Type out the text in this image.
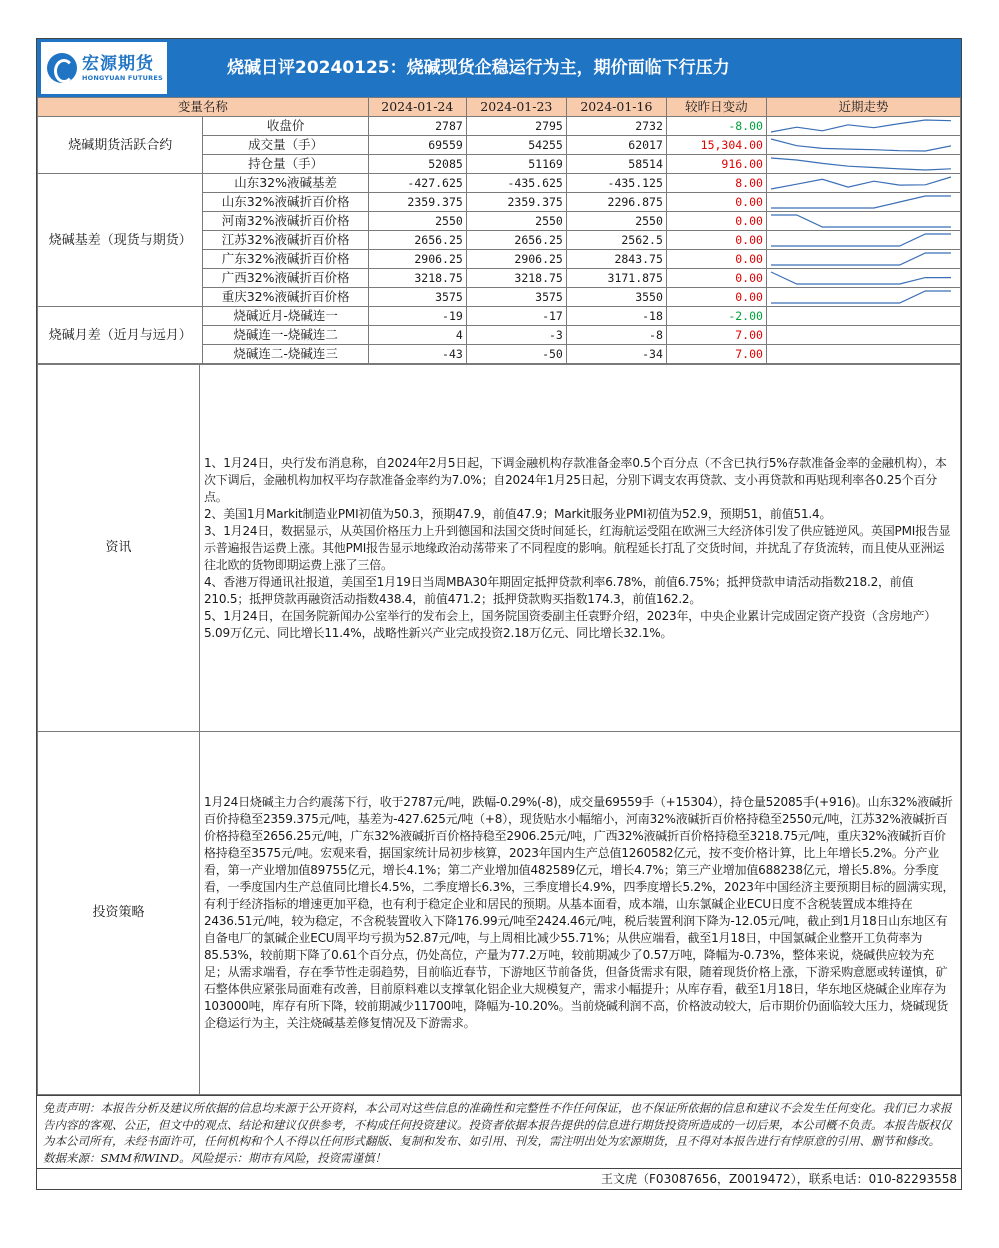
宏源期货
HONGYUAN FUTURES	烧碱日评20240125：烧碱现货企稳运行为主，期价面临下行压力
变量名称		2024-01-24	2024-01-23	2024-01-16	较昨日变动	近期走势
烧碱期货活跃合约	收盘价	2787	2795	2732	-8.00	

	成交量（手）	69559	54255	62017	15,304.00	

	持仓量（手）	52085	51169	58514	916.00	

烧碱基差（现货与期货）	山东32%液碱基差	-427.625	-435.625	-435.125	8.00	

	山东32%液碱折百价格	2359.375	2359.375	2296.875	0.00	

	河南32%液碱折百价格	2550	2550	2550	0.00	

	江苏32%液碱折百价格	2656.25	2656.25	2562.5	0.00	

	广东32%液碱折百价格	2906.25	2906.25	2843.75	0.00	

	广西32%液碱折百价格	3218.75	3218.75	3171.875	0.00	

	重庆32%液碱折百价格	3575	3575	3550	0.00	

烧碱月差（近月与远月）	烧碱近月-烧碱连一	-19	-17	-18	-2.00	
	烧碱连一-烧碱连二	4	-3	-8	7.00	
	烧碱连二-烧碱连三	-43	-50	-34	7.00	
资讯	1、1月24日，央行发布消息称，自2024年2月5日起，下调金融机构存款准备金率0.5个百分点（不含已执行5%存款准备金率的金融机构），本次下调后，金融机构加权平均存款准备金率约为7.0%；自2024年1月25日起，分别下调支农再贷款、支小再贷款和再贴现利率各0.25个百分点。
2、美国1月Markit制造业PMI初值为50.3，预期47.9，前值47.9；Markit服务业PMI初值为52.9，预期51，前值51.4。
3、1月24日，数据显示，从英国价格压力上升到德国和法国交货时间延长，红海航运受阻在欧洲三大经济体引发了供应链逆风。英国PMI报告显示普遍报告运费上涨。其他PMI报告显示地缘政治动荡带来了不同程度的影响。航程延长打乱了交货时间，并扰乱了存货流转，而且使从亚洲运往北欧的货物即期运费上涨了三倍。
4、香港万得通讯社报道，美国至1月19日当周MBA30年期固定抵押贷款利率6.78%，前值6.75%；抵押贷款申请活动指数218.2，前值210.5；抵押贷款再融资活动指数438.4，前值471.2；抵押贷款购买指数174.3，前值162.2。
5、1月24日，在国务院新闻办公室举行的发布会上，国务院国资委副主任袁野介绍，2023年，中央企业累计完成固定资产投资（含房地产）5.09万亿元、同比增长11.4%，战略性新兴产业完成投资2.18万亿元、同比增长32.1%。

投资策略	1月24日烧碱主力合约震荡下行，收于2787元/吨，跌幅-0.29%(-8)，成交量69559手（+15304），持仓量52085手(+916)。山东32%液碱折百价持稳至2359.375元/吨，基差为-427.625元/吨（+8），现货贴水小幅缩小，河南32%液碱折百价格持稳至2550元/吨，江苏32%液碱折百价格持稳至2656.25元/吨，广东32%液碱折百价格持稳至2906.25元/吨，广西32%液碱折百价格持稳至3218.75元/吨，重庆32%液碱折百价格持稳至3575元/吨。宏观来看，据国家统计局初步核算，2023年国内生产总值1260582亿元，按不变价格计算，比上年增长5.2%。分产业看，第一产业增加值89755亿元，增长4.1%；第二产业增加值482589亿元，增长4.7%；第三产业增加值688238亿元，增长5.8%。分季度看，一季度国内生产总值同比增长4.5%，二季度增长6.3%，三季度增长4.9%，四季度增长5.2%，2023年中国经济主要预期目标的圆满实现，有利于经济指标的增速更加平稳，也有利于稳定企业和居民的预期。从基本面看，成本端，山东氯碱企业ECU日度不含税装置成本维持在2436.51元/吨，较为稳定，不含税装置收入下降176.99元/吨至2424.46元/吨，税后装置利润下降为-12.05元/吨，截止到1月18日山东地区有自备电厂的氯碱企业ECU周平均亏损为52.87元/吨，与上周相比减少55.71%；从供应端看，截至1月18日，中国氯碱企业整开工负荷率为85.53%，较前期下降了0.61个百分点，仍处高位，产量为77.2万吨，较前期减少了0.57万吨，降幅为-0.73%，整体来说，烧碱供应较为充足；从需求端看，存在季节性走弱趋势，目前临近春节，下游地区节前备货，但备货需求有限，随着现货价格上涨，下游采购意愿或转谨慎，矿石整体供应紧张局面难有改善，目前原料难以支撑氧化铝企业大规模复产，需求小幅提升；从库存看，截至1月18日，华东地区烧碱企业库存为103000吨，库存有所下降，较前期减少11700吨，降幅为-10.20%。当前烧碱利润不高，价格波动较大，后市期价仍面临较大压力，烧碱现货企稳运行为主，关注烧碱基差修复情况及下游需求。
免责声明：本报告分析及建议所依据的信息均来源于公开资料，本公司对这些信息的准确性和完整性不作任何保证，也不保证所依据的信息和建议不会发生任何变化。我们已力求报告内容的客观、公正，但文中的观点、结论和建议仅供参考，不构成任何投资建议。投资者依据本报告提供的信息进行期货投资所造成的一切后果，本公司概不负责。本报告版权仅为本公司所有，未经书面许可，任何机构和个人不得以任何形式翻版、复制和发布、如引用、刊发，需注明出处为宏源期货，且不得对本报告进行有悖原意的引用、删节和修改。
数据来源：SMM和WIND。风险提示：期市有风险，投资需谨慎！
王文虎（F03087656，Z0019472），联系电话：010-82293558
